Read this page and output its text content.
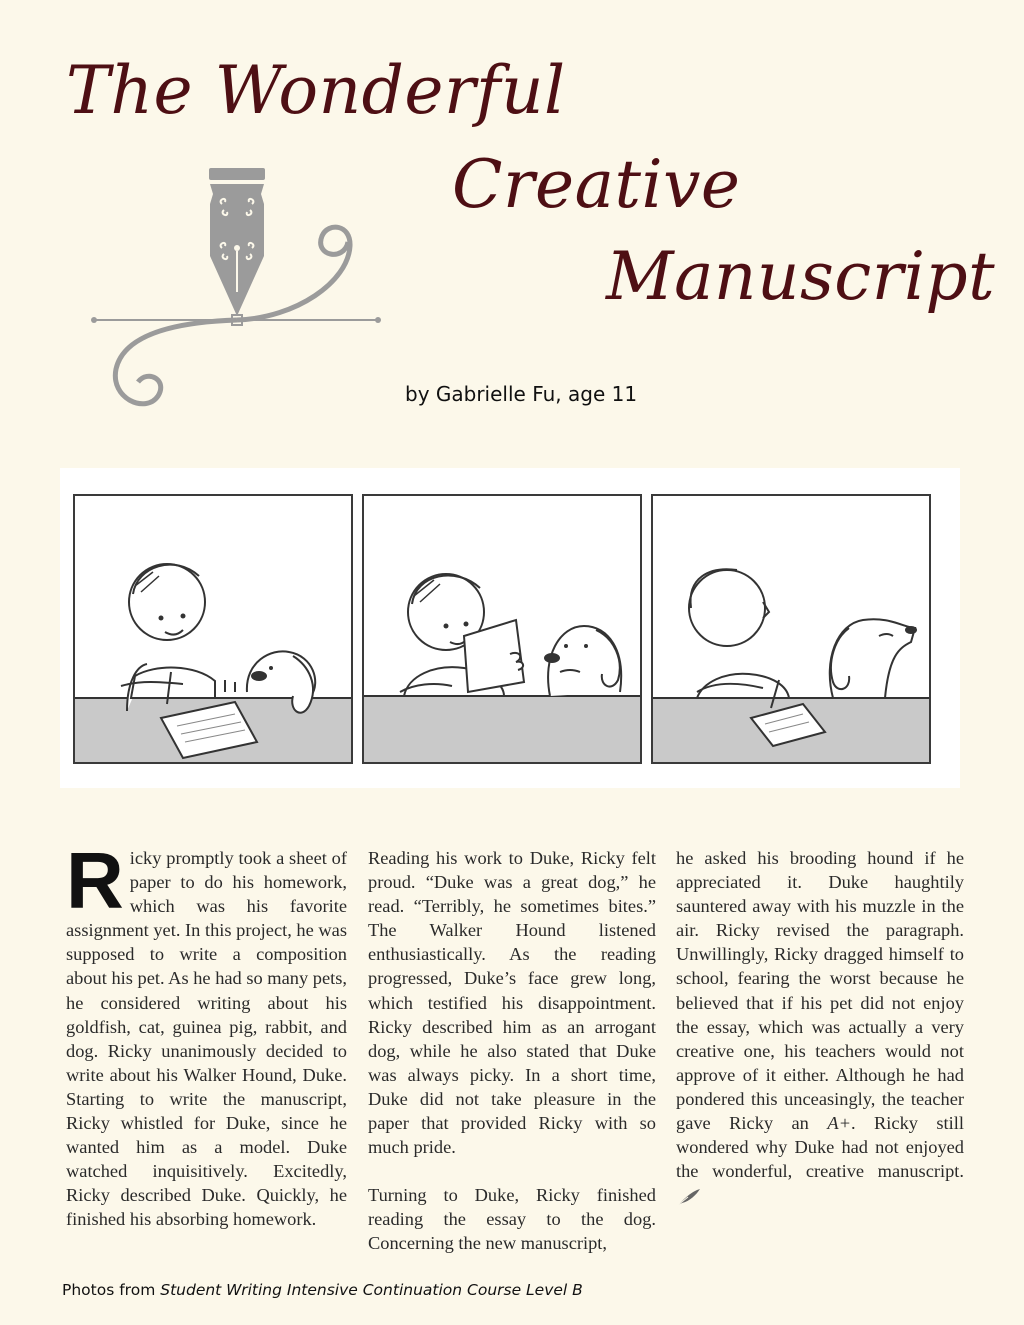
The Wonderful
Creative
Manuscript
by Gabrielle Fu, age 11

Ricky promptly took a sheet of paper to do his homework, which was his favorite assignment yet. In this project, he was supposed to write a composition about his pet. As he had so many pets, he considered writing about his goldfish, cat, guinea pig, rabbit, and dog. Ricky unanimously decided to write about his Walker Hound, Duke. Starting to write the manuscript, Ricky whistled for Duke, since he wanted him as a model. Duke watched inquisitively. Excitedly, Ricky described Duke. Quickly, he finished his absorbing homework.

Reading his work to Duke, Ricky felt proud. “Duke was a great dog,” he read. “Terribly, he sometimes bites.” The Walker Hound listened enthusiastically. As the reading progressed, Duke’s face grew long, which testified his disappointment. Ricky described him as an arrogant dog, while he also stated that Duke was always picky. In a short time, Duke did not take pleasure in the paper that provided Ricky with so much pride.

Turning to Duke, Ricky finished reading the essay to the dog. Concerning the new manuscript,

he asked his brooding hound if he appreciated it. Duke haughtily sauntered away with his muzzle in the air. Ricky revised the paragraph. Unwillingly, Ricky dragged himself to school, fearing the worst because he believed that if his pet did not enjoy the essay, which was actually a very creative one, his teachers would not approve of it either. Although he had pondered this unceasingly, the teacher gave Ricky an A+. Ricky still wondered why Duke had not enjoyed the wonderful, creative manuscript.

Photos from Student Writing Intensive Continuation Course Level B
